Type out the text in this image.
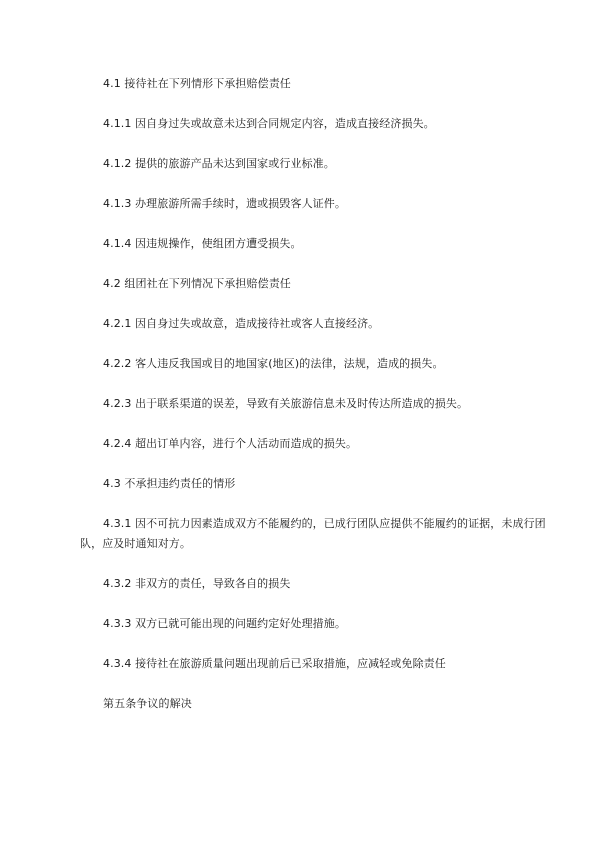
4.1 接待社在下列情形下承担赔偿责任

4.1.1 因自身过失或故意未达到合同规定内容，造成直接经济损失。

4.1.2 提供的旅游产品未达到国家或行业标准。

4.1.3 办理旅游所需手续时，遗或损毁客人证件。

4.1.4 因违规操作，使组团方遭受损失。

4.2 组团社在下列情况下承担赔偿责任

4.2.1 因自身过失或故意，造成接待社或客人直接经济。

4.2.2 客人违反我国或目的地国家(地区)的法律，法规，造成的损失。

4.2.3 出于联系渠道的误差，导致有关旅游信息未及时传达所造成的损失。

4.2.4 超出订单内容，进行个人活动而造成的损失。

4.3 不承担违约责任的情形

4.3.1 因不可抗力因素造成双方不能履约的，已成行团队应提供不能履约的证据，未成行团队，应及时通知对方。

4.3.2 非双方的责任，导致各自的损失

4.3.3 双方已就可能出现的问题约定好处理措施。

4.3.4 接待社在旅游质量问题出现前后已采取措施，应减轻或免除责任

第五条争议的解决
